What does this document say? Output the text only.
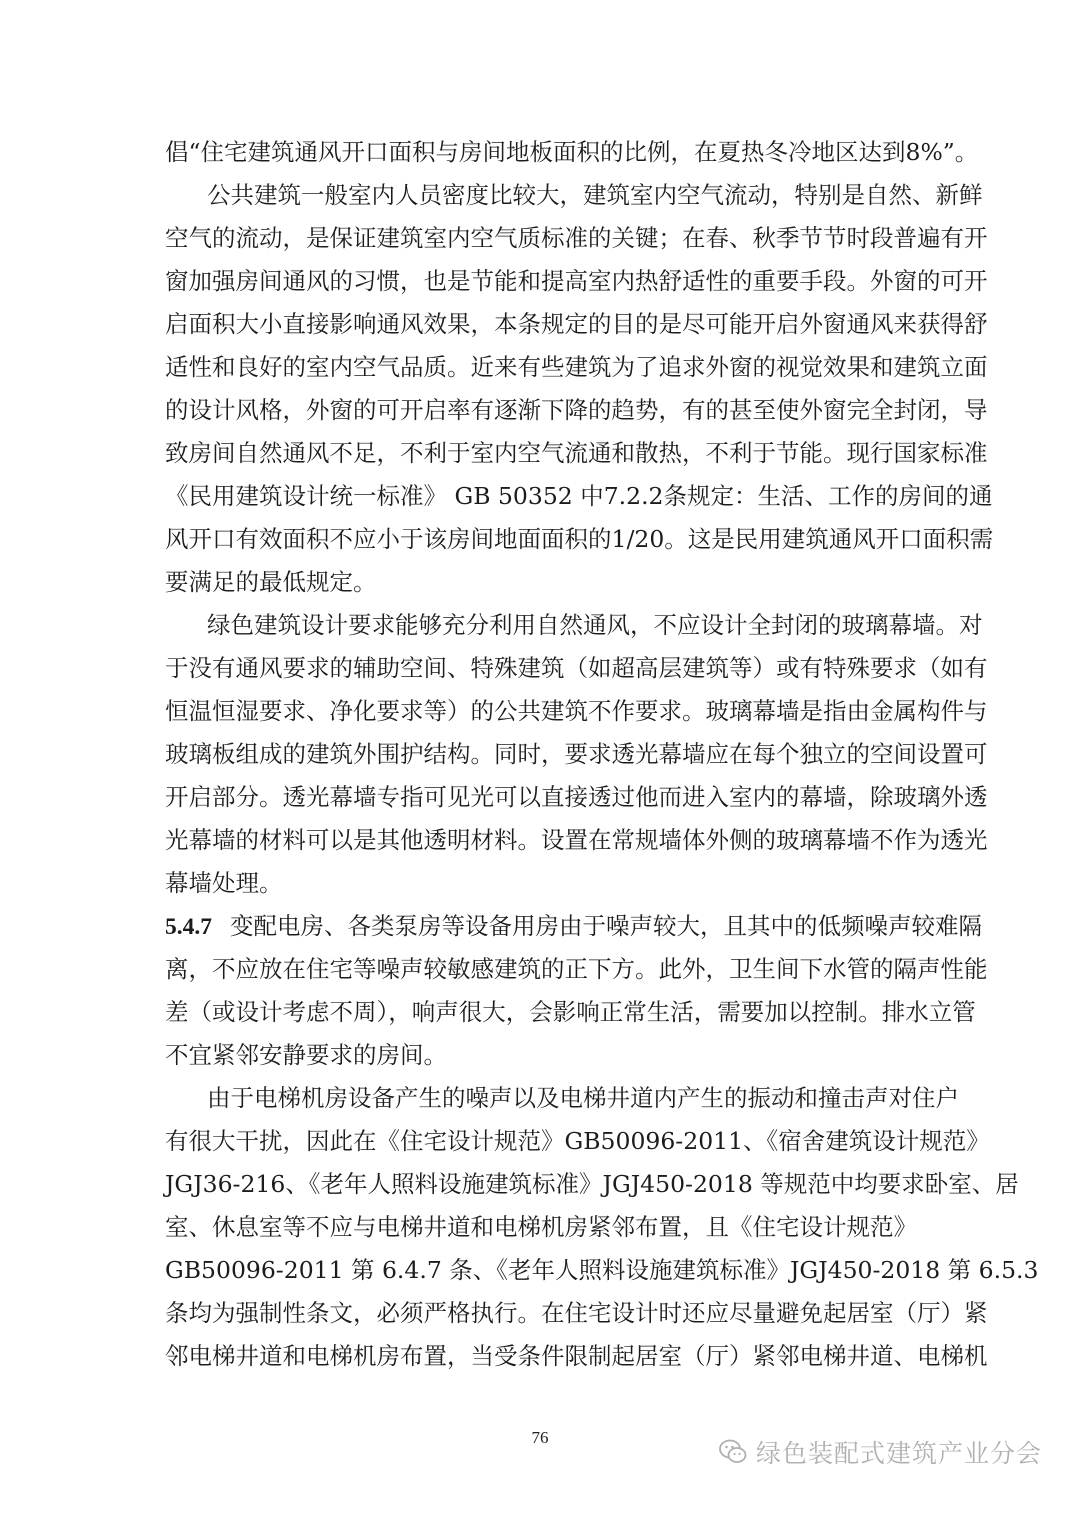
倡“住宅建筑通风开口面积与房间地板面积的比例，在夏热冬冷地区达到8%”。
公共建筑一般室内人员密度比较大，建筑室内空气流动，特别是自然、新鲜
空气的流动，是保证建筑室内空气质标准的关键；在春、秋季节节时段普遍有开
窗加强房间通风的习惯，也是节能和提高室内热舒适性的重要手段。外窗的可开
启面积大小直接影响通风效果，本条规定的目的是尽可能开启外窗通风来获得舒
适性和良好的室内空气品质。近来有些建筑为了追求外窗的视觉效果和建筑立面
的设计风格，外窗的可开启率有逐渐下降的趋势，有的甚至使外窗完全封闭，导
致房间自然通风不足，不利于室内空气流通和散热，不利于节能。现行国家标准
《民用建筑设计统一标准》 GB 50352 中7.2.2条规定：生活、工作的房间的通
风开口有效面积不应小于该房间地面面积的1/20。这是民用建筑通风开口面积需
要满足的最低规定。
绿色建筑设计要求能够充分利用自然通风，不应设计全封闭的玻璃幕墙。对
于没有通风要求的辅助空间、特殊建筑（如超高层建筑等）或有特殊要求（如有
恒温恒湿要求、净化要求等）的公共建筑不作要求。玻璃幕墙是指由金属构件与
玻璃板组成的建筑外围护结构。同时，要求透光幕墙应在每个独立的空间设置可
开启部分。透光幕墙专指可见光可以直接透过他而进入室内的幕墙，除玻璃外透
光幕墙的材料可以是其他透明材料。设置在常规墙体外侧的玻璃幕墙不作为透光
幕墙处理。
5.4.7 变配电房、各类泵房等设备用房由于噪声较大，且其中的低频噪声较难隔
离，不应放在住宅等噪声较敏感建筑的正下方。此外，卫生间下水管的隔声性能
差（或设计考虑不周），响声很大，会影响正常生活，需要加以控制。排水立管
不宜紧邻安静要求的房间。
由于电梯机房设备产生的噪声以及电梯井道内产生的振动和撞击声对住户
有很大干扰，因此在《住宅设计规范》GB50096-2011、《宿舍建筑设计规范》
JGJ36-216、《老年人照料设施建筑标准》JGJ450-2018 等规范中均要求卧室、居
室、休息室等不应与电梯井道和电梯机房紧邻布置，且《住宅设计规范》
GB50096-2011 第 6.4.7 条、《老年人照料设施建筑标准》JGJ450-2018 第 6.5.3
条均为强制性条文，必须严格执行。在住宅设计时还应尽量避免起居室（厅）紧
邻电梯井道和电梯机房布置，当受条件限制起居室（厅）紧邻电梯井道、电梯机
76
绿色装配式建筑产业分会
